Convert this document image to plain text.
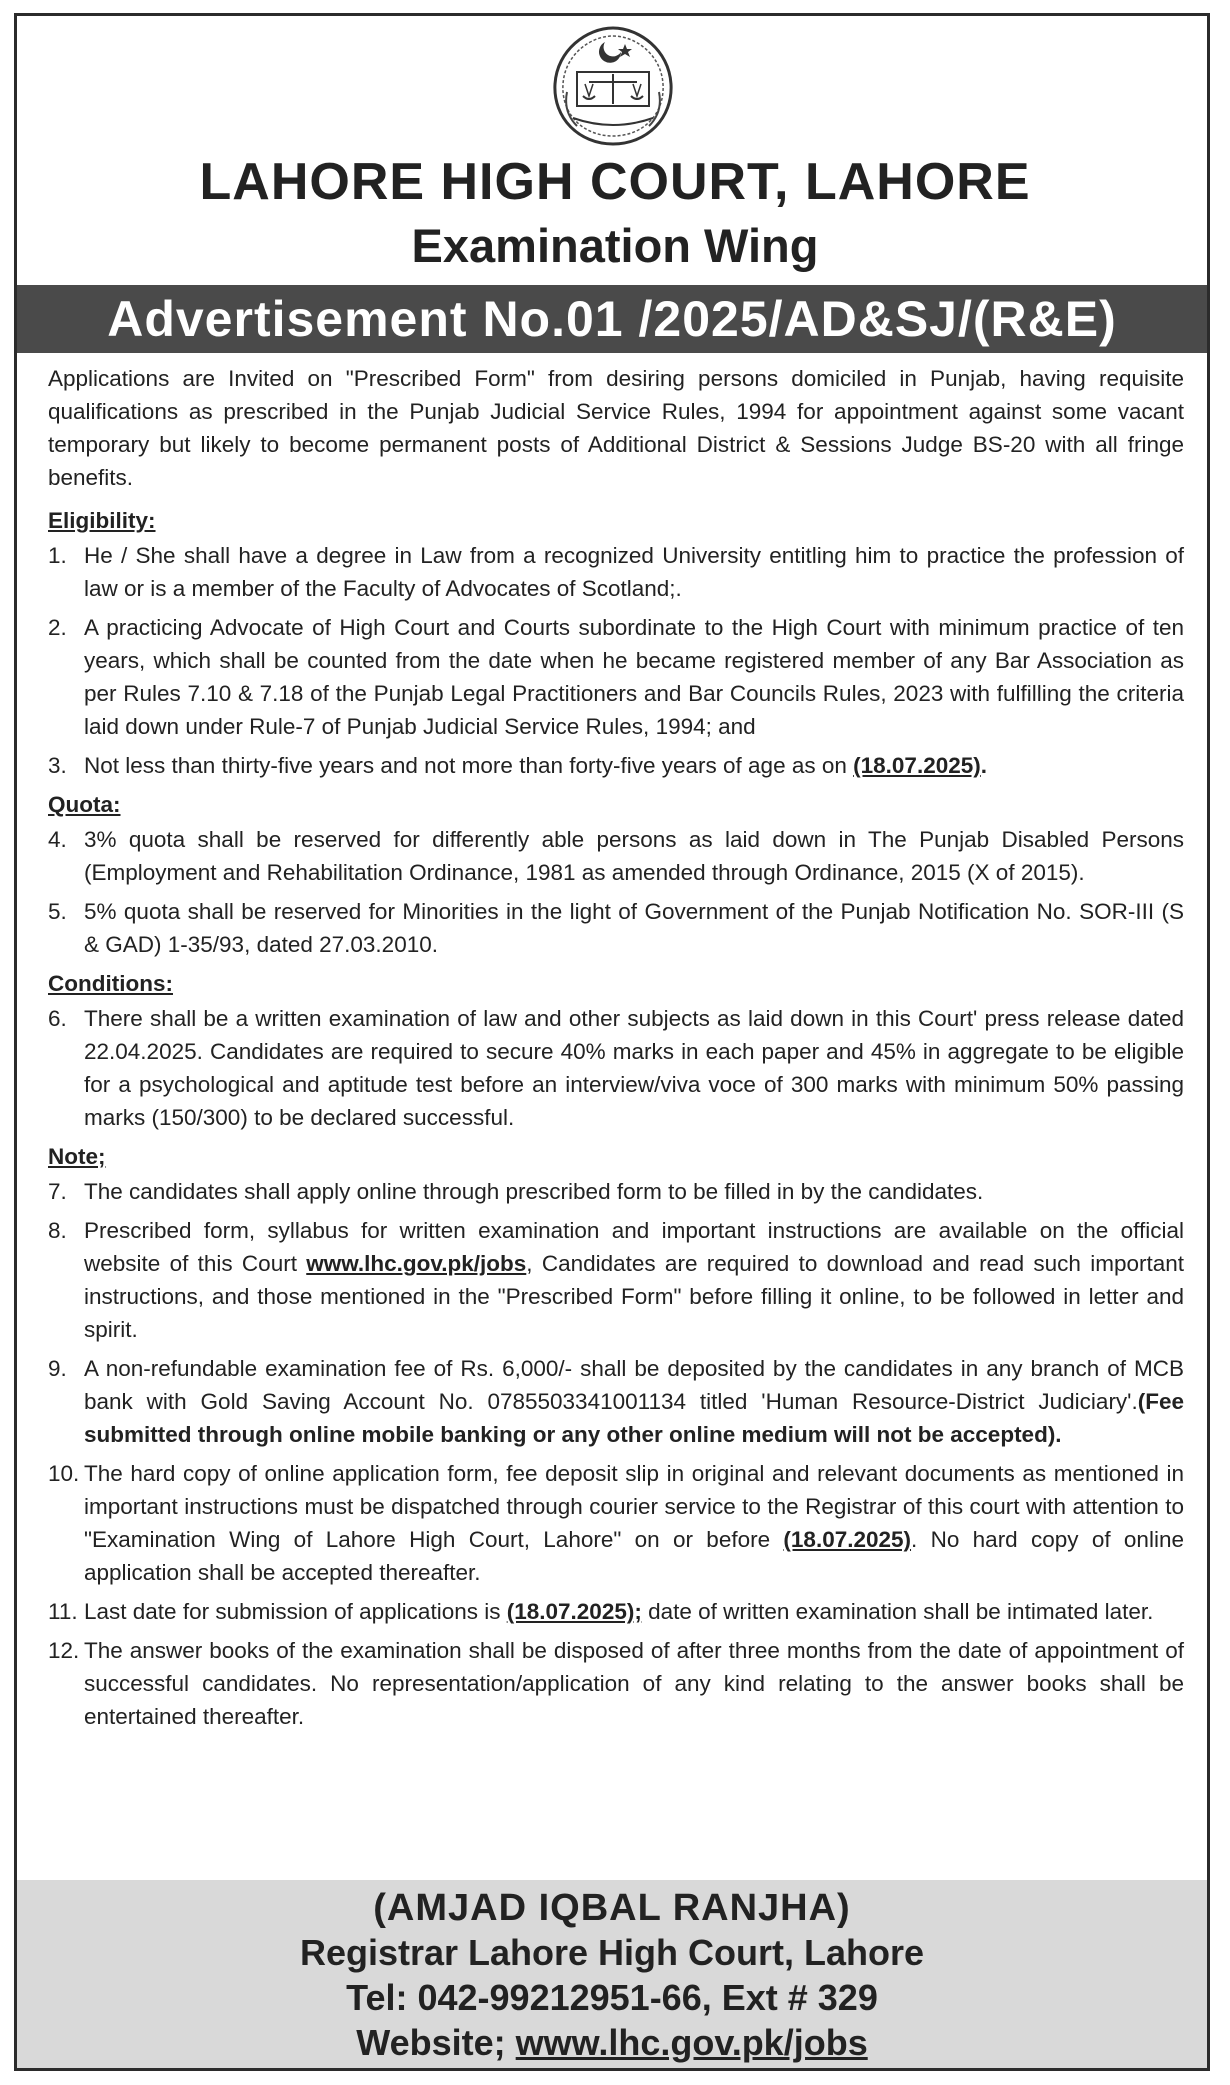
LAHORE HIGH COURT, LAHORE
Examination Wing
Advertisement No.01 /2025/AD&SJ/(R&E)

Applications are Invited on "Prescribed Form" from desiring persons domiciled in Punjab, having requisite qualifications as prescribed in the Punjab Judicial Service Rules, 1994 for appointment against some vacant temporary but likely to become permanent posts of Additional District & Sessions Judge BS-20 with all fringe benefits.

Eligibility:
1. He / She shall have a degree in Law from a recognized University entitling him to practice the profession of law or is a member of the Faculty of Advocates of Scotland;.
2. A practicing Advocate of High Court and Courts subordinate to the High Court with minimum practice of ten years, which shall be counted from the date when he became registered member of any Bar Association as per Rules 7.10 & 7.18 of the Punjab Legal Practitioners and Bar Councils Rules, 2023 with fulfilling the criteria laid down under Rule-7 of Punjab Judicial Service Rules, 1994; and
3. Not less than thirty-five years and not more than forty-five years of age as on (18.07.2025).
Quota:
4. 3% quota shall be reserved for differently able persons as laid down in The Punjab Disabled Persons (Employment and Rehabilitation Ordinance, 1981 as amended through Ordinance, 2015 (X of 2015).
5. 5% quota shall be reserved for Minorities in the light of Government of the Punjab Notification No. SOR-III (S & GAD) 1-35/93, dated 27.03.2010.
Conditions:
6. There shall be a written examination of law and other subjects as laid down in this Court' press release dated 22.04.2025. Candidates are required to secure 40% marks in each paper and 45% in aggregate to be eligible for a psychological and aptitude test before an interview/viva voce of 300 marks with minimum 50% passing marks (150/300) to be declared successful.
Note;
7. The candidates shall apply online through prescribed form to be filled in by the candidates.
8. Prescribed form, syllabus for written examination and important instructions are available on the official website of this Court www.lhc.gov.pk/jobs, Candidates are required to download and read such important instructions, and those mentioned in the "Prescribed Form" before filling it online, to be followed in letter and spirit.
9. A non-refundable examination fee of Rs. 6,000/- shall be deposited by the candidates in any branch of MCB bank with Gold Saving Account No. 0785503341001134 titled 'Human Resource-District Judiciary'.(Fee submitted through online mobile banking or any other online medium will not be accepted).
10. The hard copy of online application form, fee deposit slip in original and relevant documents as mentioned in important instructions must be dispatched through courier service to the Registrar of this court with attention to "Examination Wing of Lahore High Court, Lahore" on or before (18.07.2025). No hard copy of online application shall be accepted thereafter.
11. Last date for submission of applications is (18.07.2025); date of written examination shall be intimated later.
12. The answer books of the examination shall be disposed of after three months from the date of appointment of successful candidates. No representation/application of any kind relating to the answer books shall be entertained thereafter.
(AMJAD IQBAL RANJHA)
Registrar Lahore High Court, Lahore
Tel: 042-99212951-66, Ext # 329
Website; www.lhc.gov.pk/jobs
